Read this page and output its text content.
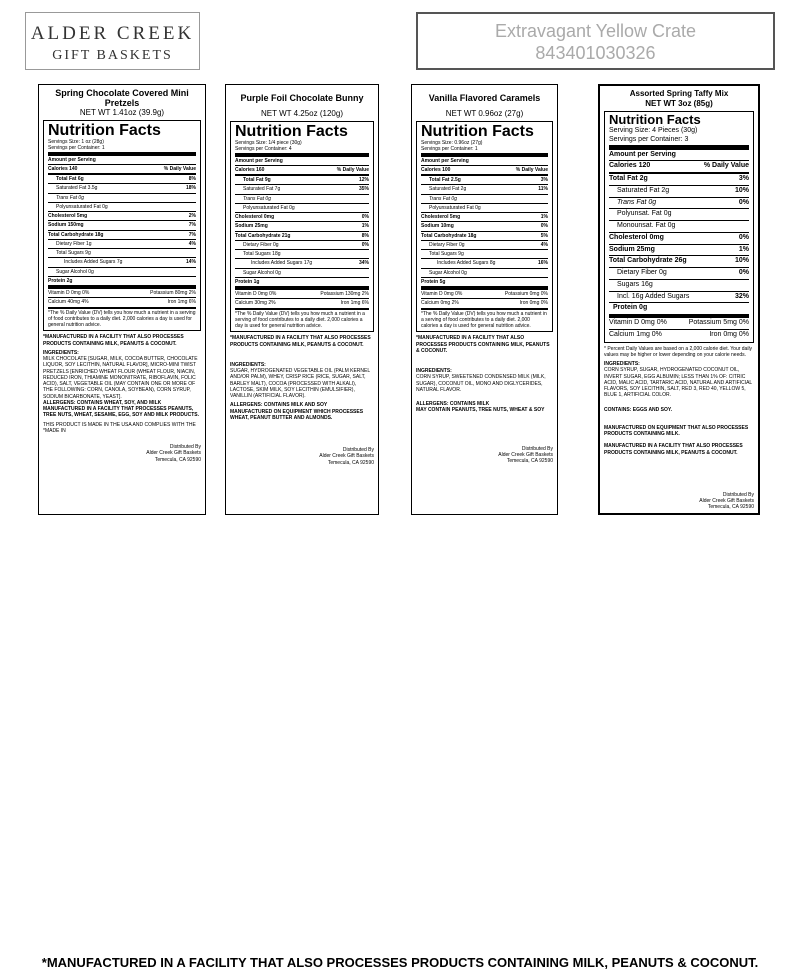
ALDER CREEK
GIFT BASKETS
Extravagant Yellow Crate
843401030326
Spring Chocolate Covered Mini Pretzels
NET WT 1.41oz (39.9g)
Nutrition Facts
Servings Size: 1 oz (28g)
Servings per Container: 1
Amount per Serving
Calories 140	% Daily Value
Total Fat 6g	8%
Saturated Fat 3.5g	18%
Trans Fat 0g
Polyunsaturated Fat 0g
Cholesterol 5mg	2%
Sodium 150mg	7%
Total Carbohydrate 18g	7%
Dietary Fiber 1g	4%
Total Sugars 9g
Includes Added Sugars 7g	14%
Sugar Alcohol 0g
Protein 2g
Vitamin D 0mg 0%	Potassium 80mg 2%
Calcium 40mg 4%	Iron 1mg 6%
*The % Daily Value (DV) tells you how much a nutrient in a serving of food contributes to a daily diet. 2,000 calories a day is used for general nutrition advice.
*MANUFACTURED IN A FACILITY THAT ALSO PROCESSES PRODUCTS CONTAINING MILK, PEANUTS & COCONUT.
INGREDIENTS:
MILK CHOCOLATE [SUGAR, MILK, COCOA BUTTER, CHOCOLATE LIQUOR, SOY LECITHIN, NATURAL FLAVOR], MICRO-MINI TWIST PRETZELS [ENRICHED WHEAT FLOUR (WHEAT FLOUR, NIACIN, REDUCED IRON, THIAMINE MONONITRATE, RIBOFLAVIN, FOLIC ACID), SALT, VEGETABLE OIL (MAY CONTAIN ONE OR MORE OF THE FOLLOWING: CORN, CANOLA, SOYBEAN), CORN SYRUP, SODIUM BICARBONATE, YEAST].
ALLERGENS: CONTAINS WHEAT, SOY, AND MILK
MANUFACTURED IN A FACILITY THAT PROCESSES PEANUTS, TREE NUTS, WHEAT, SESAME, EGG, SOY AND MILK PRODUCTS.
THIS PRODUCT IS MADE IN THE USA AND COMPLIES WITH THE *MADE IN
Distributed By
Alder Creek Gift Baskets
Temecula, CA 92590
Purple Foil Chocolate Bunny
NET WT 4.25oz (120g)
Nutrition Facts
Servings Size: 1/4 piece (30g)
Servings per Container: 4
Amount per Serving
Calories 160	% Daily Value
Total Fat 9g	12%
Saturated Fat 7g	35%
Trans Fat 0g
Polyunsaturated Fat 0g
Cholesterol 0mg	0%
Sodium 25mg	1%
Total Carbohydrate 21g	8%
Dietary Fiber 0g	0%
Total Sugars 18g
Includes Added Sugars 17g	34%
Sugar Alcohol 0g
Protein 1g
Vitamin D 0mg 0%	Potassium 130mg 2%
Calcium 30mg 2%	Iron 1mg 6%
*The % Daily Value (DV) tells you how much a nutrient in a serving of food contributes to a daily diet. 2,000 calories a day is used for general nutrition advice.
*MANUFACTURED IN A FACILITY THAT ALSO PROCESSES PRODUCTS CONTAINING MILK, PEANUTS & COCONUT.
INGREDIENTS:
SUGAR, HYDROGENATED VEGETABLE OIL (PALM KERNEL AND/OR PALM), WHEY, CRISP RICE (RICE, SUGAR, SALT, BARLEY MALT), COCOA (PROCESSED WITH ALKALI), LACTOSE, SKIM MILK, SOY LECITHIN (EMULSIFIER), VANILLIN (ARTIFICIAL FLAVOR).
ALLERGENS: CONTAINS MILK AND SOY
MANUFACTURED ON EQUIPMENT WHICH PROCESSES WHEAT, PEANUT BUTTER AND ALMONDS.
Distributed By
Alder Creek Gift Baskets
Temecula, CA 92590
Vanilla Flavored Caramels
NET WT 0.96oz (27g)
Nutrition Facts
Servings Size: 0.96oz (27g)
Servings per Container: 1
Amount per Serving
Calories 100	% Daily Value
Total Fat 2.5g	3%
Saturated Fat 2g	11%
Trans Fat 0g
Polyunsaturated Fat 0g
Cholesterol 5mg	1%
Sodium 10mg	0%
Total Carbohydrate 18g	5%
Dietary Fiber 0g	4%
Total Sugars 9g
Includes Added Sugars 8g	16%
Sugar Alcohol 0g
Protein 5g
Vitamin D 0mg 0%	Potassium 0mg 0%
Calcium 0mg 2%	Iron 0mg 0%
*The % Daily Value (DV) tells you how much a nutrient in a serving of food contributes to a daily diet. 2,000 calories a day is used for general nutrition advice.
*MANUFACTURED IN A FACILITY THAT ALSO PROCESSES PRODUCTS CONTAINING MILK, PEANUTS & COCONUT.
INGREDIENTS:
CORN SYRUP, SWEETENED CONDENSED MILK (MILK, SUGAR), COCONUT OIL, MONO AND DIGLYCERIDES, NATURAL FLAVOR.
ALLERGENS: CONTAINS MILK
MAY CONTAIN PEANUTS, TREE NUTS, WHEAT & SOY
Distributed By
Alder Creek Gift Baskets
Temecula, CA 92590
Assorted Spring Taffy Mix
NET WT 3oz (85g)
Nutrition Facts
Serving Size: 4 Pieces (30g)
Servings per Container: 3
Amount per Serving
Calories 120	% Daily Value
Total Fat 2g	3%
Saturated Fat 2g	10%
Trans Fat 0g	0%
Polyunsat. Fat 0g
Monounsat. Fat 0g
Cholesterol 0mg	0%
Sodium 25mg	1%
Total Carbohydrate 26g	10%
Dietary Fiber 0g	0%
Sugars 16g
Incl. 16g Added Sugars	32%
Protein 0g
Vitamin D 0mg 0%	Potassium 5mg 0%
Calcium 1mg 0%	Iron 0mg 0%
* Percent Daily Values are based on a 2,000 calorie diet. Your daily values may be higher or lower depending on your calorie needs.
INGREDIENTS:
CORN SYRUP, SUGAR, HYDROGENATED COCONUT OIL, INVERT SUGAR, EGG ALBUMIN; LESS THAN 1% OF: CITRIC ACID, MALIC ACID, TARTARIC ACID, NATURAL AND ARTIFICIAL FLAVORS, SOY LECITHIN, SALT, RED 3, RED 40, YELLOW 5, BLUE 1, ARTIFICIAL COLOR.
CONTAINS: EGGS AND SOY.
MANUFACTURED ON EQUIPMENT THAT ALSO PROCESSES PRODUCTS CONTAINING MILK.
MANUFACTURED IN A FACILITY THAT ALSO PROCESSES PRODUCTS CONTAINING MILK, PEANUTS & COCONUT.
Distributed By
Alder Creek Gift Baskets
Temecula, CA 92590
*MANUFACTURED IN A FACILITY THAT ALSO PROCESSES PRODUCTS CONTAINING MILK, PEANUTS & COCONUT.
